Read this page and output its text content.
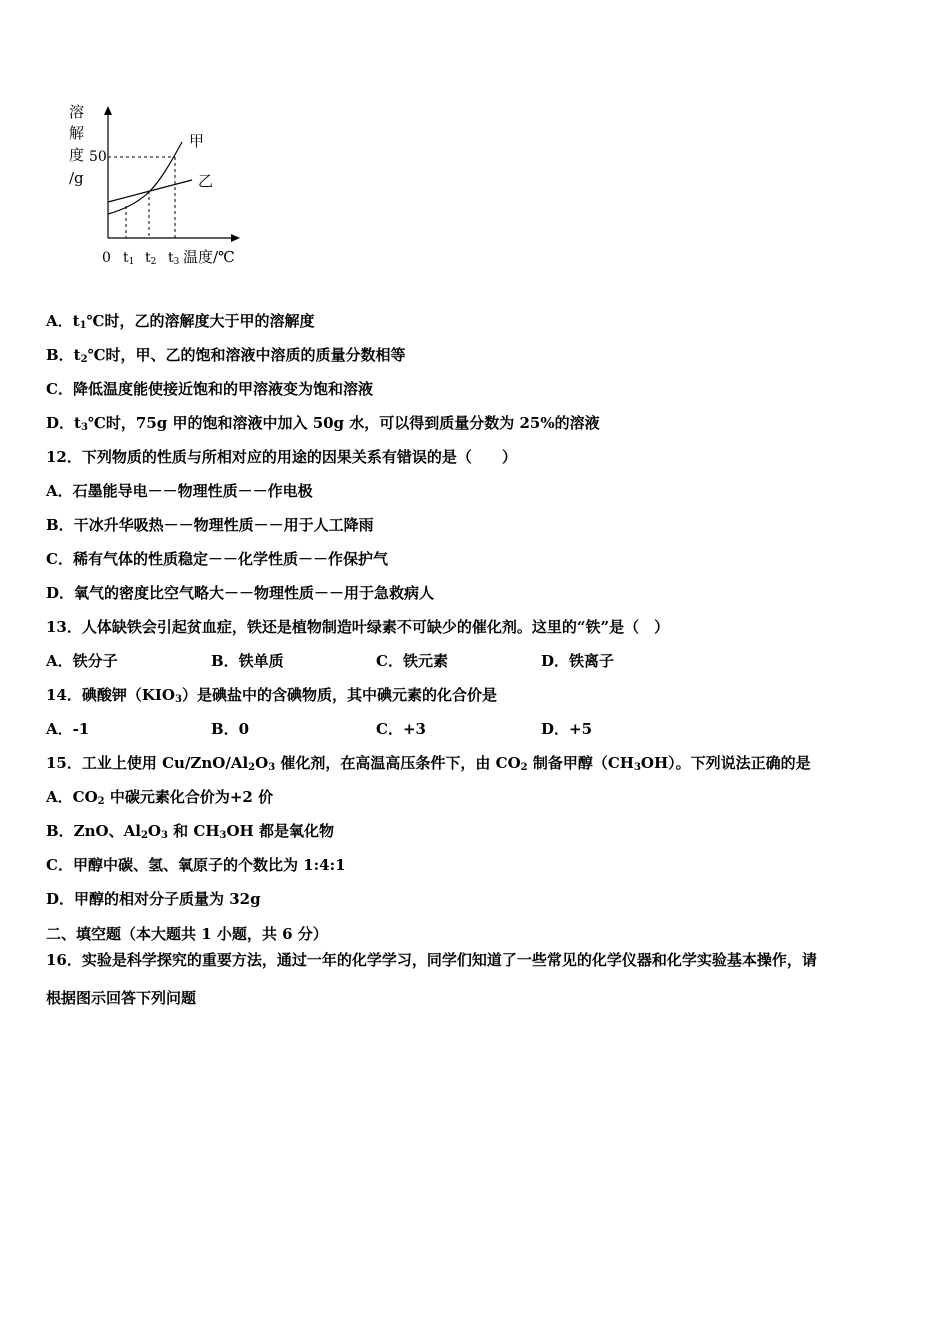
溶
解
度
/g
50
甲
乙
0 t1 t2 t3 温度/℃
A．$t_1℃$时，乙的溶解度大于甲的溶解度
B．$t_2℃$时，甲、乙的饱和溶液中溶质的质量分数相等
C．降低温度能使接近饱和的甲溶液变为饱和溶液
D．$t_3℃$时，75g 甲的饱和溶液中加入 50g 水，可以得到质量分数为 25%的溶液
12．下列物质的性质与所相对应的用途的因果关系有错误的是（　　）
A．石墨能导电－－物理性质－－作电极
B．干冰升华吸热－－物理性质－－用于人工降雨
C．稀有气体的性质稳定－－化学性质－－作保护气
D．氧气的密度比空气略大－－物理性质－－用于急救病人
13．人体缺铁会引起贫血症，铁还是植物制造叶绿素不可缺少的催化剂。这里的“铁”是（　）
A．铁分子	B．铁单质	C．铁元素	D．铁离子
14．碘酸钾$(KIO_3)$是碘盐中的含碘物质，其中碘元素的化合价是
A．-1	B．0	C．+3	D．+5
15．工业上使用 $Cu/ZnO/Al_2O_3$ 催化剂，在高温高压条件下，由 $CO_2$ 制备甲醇$(CH_3OH)$。下列说法正确的是
A．$CO_2$ 中碳元素化合价为+2 价
B．ZnO、$Al_2O_3$ 和 $CH_3OH$ 都是氧化物
C．甲醇中碳、氢、氧原子的个数比为 1:4:1
D．甲醇的相对分子质量为 32g
二、填空题（本大题共 1 小题，共 6 分）
16．实验是科学探究的重要方法，通过一年的化学学习，同学们知道了一些常见的化学仪器和化学实验基本操作，请
根据图示回答下列问题
